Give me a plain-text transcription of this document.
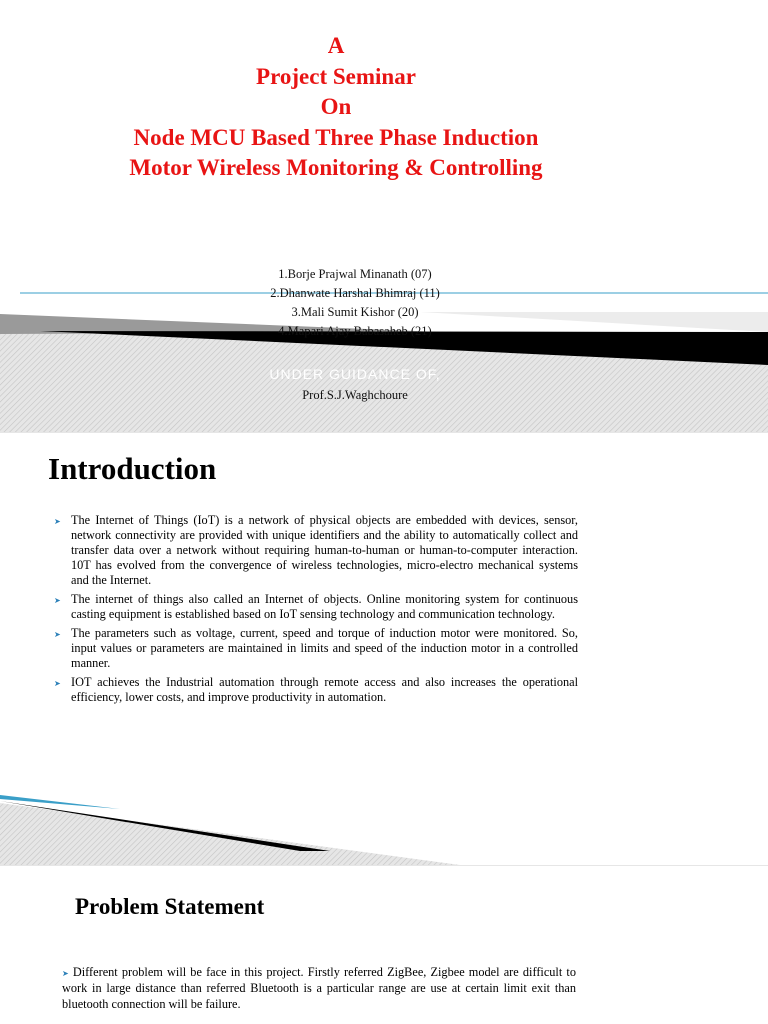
A
Project Seminar
On
Node MCU Based Three Phase Induction
Motor Wireless Monitoring & Controlling
1.Borje Prajwal Minanath (07)
2.Dhanwate Harshal Bhimraj (11)
3.Mali Sumit Kishor (20)
4.Mapari Ajay Babasaheb (21)
UNDER GUIDANCE OF,
Prof.S.J.Waghchoure
Introduction
➤ The Internet of Things (IoT) is a network of physical objects are embedded with devices, sensor, network connectivity are provided with unique identifiers and the ability to automatically collect and transfer data over a network without requiring human-to-human or human-to-computer interaction. 10T has evolved from the convergence of wireless technologies, micro-electro mechanical systems and the Internet.
➤ The internet of things also called an Internet of objects. Online monitoring system for continuous casting equipment is established based on IoT sensing technology and communication technology.
➤ The parameters such as voltage, current, speed and torque of induction motor were monitored. So, input values or parameters are maintained in limits and speed of the induction motor in a controlled manner.
➤ IOT achieves the Industrial automation through remote access and also increases the operational efficiency, lower costs, and improve productivity in automation.
Problem Statement

➤ Different problem will be face in this project. Firstly referred ZigBee, Zigbee model are difficult to work in large distance than referred Bluetooth is a particular range are use at certain limit exit than bluetooth connection will be failure.
